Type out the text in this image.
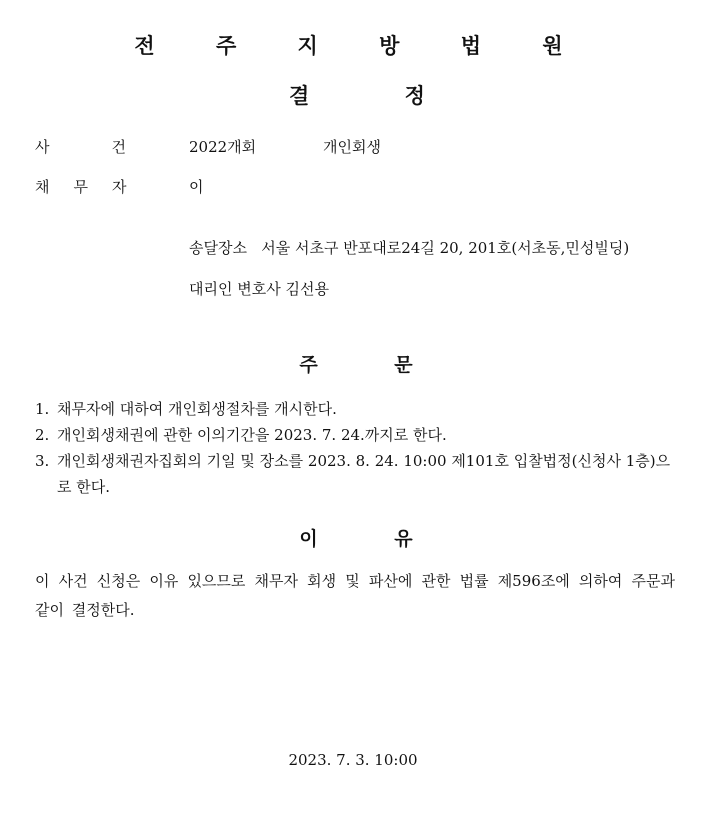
전 주 지 방 법 원
결 정
사건 2022개회	개인회생
채무자	이
송달장소 서울 서초구 반포대로24길 20, 201호(서초동,민성빌딩)
대리인 변호사 김선용
주 문
1. 채무자에 대하여 개인회생절차를 개시한다.
2. 개인회생채권에 관한 이의기간을 2023. 7. 24.까지로 한다.
3. 개인회생채권자집회의 기일 및 장소를 2023. 8. 24. 10:00 제101호 입찰법정(신청사 1층)으로 한다.
이 유
이 사건 신청은 이유 있으므로 채무자 회생 및 파산에 관한 법률 제596조에 의하여 주문과 같이 결정한다.
2023. 7. 3. 10:00
